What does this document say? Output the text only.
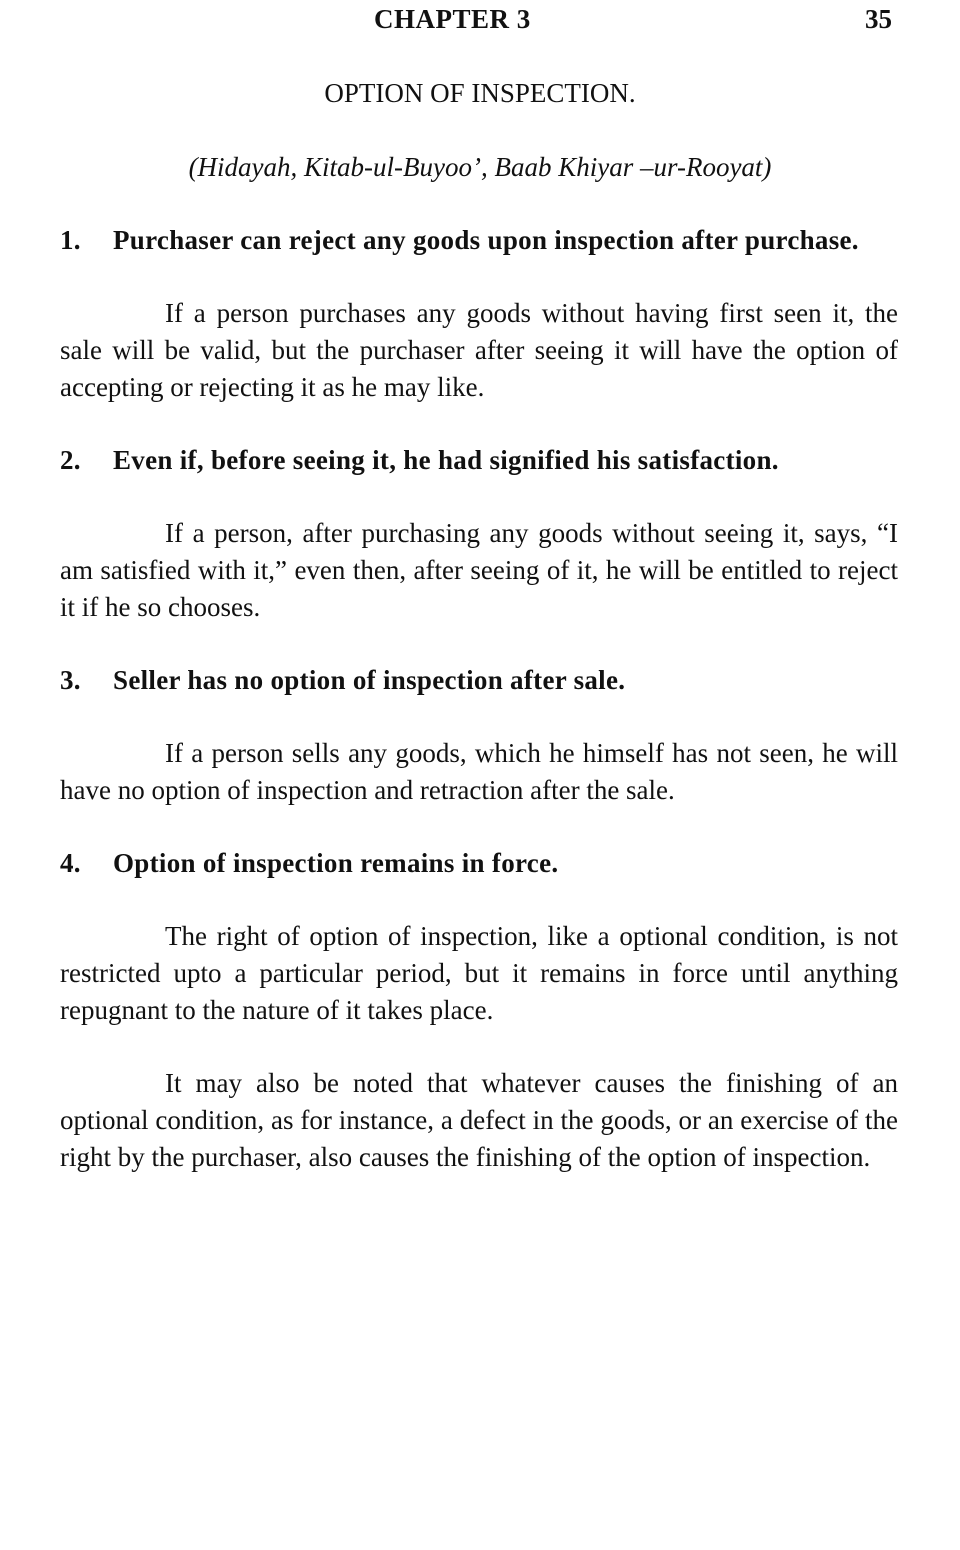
CHAPTER 3	35
OPTION OF INSPECTION.
(Hidayah, Kitab-ul-Buyoo’, Baab Khiyar –ur-Rooyat)
1.	Purchaser can reject any goods upon inspection after purchase.

If a person purchases any goods without having first seen it, the sale will be valid, but the purchaser after seeing it will have the option of accepting or rejecting it as he may like.

2.	Even if, before seeing it, he had signified his satisfaction.

If a person, after purchasing any goods without seeing it, says, “I am satisfied with it,” even then, after seeing of it, he will be entitled to reject it if he so chooses.

3.	Seller has no option of inspection after sale.

If a person sells any goods, which he himself has not seen, he will have no option of inspection and retraction after the sale.

4.	Option of inspection remains in force.

The right of option of inspection, like a optional condition, is not restricted upto a particular period, but it remains in force until anything repugnant to the nature of it takes place.

It may also be noted that whatever causes the finishing of an optional condition, as for instance, a defect in the goods, or an exercise of the right by the purchaser, also causes the finishing of the option of inspection.
